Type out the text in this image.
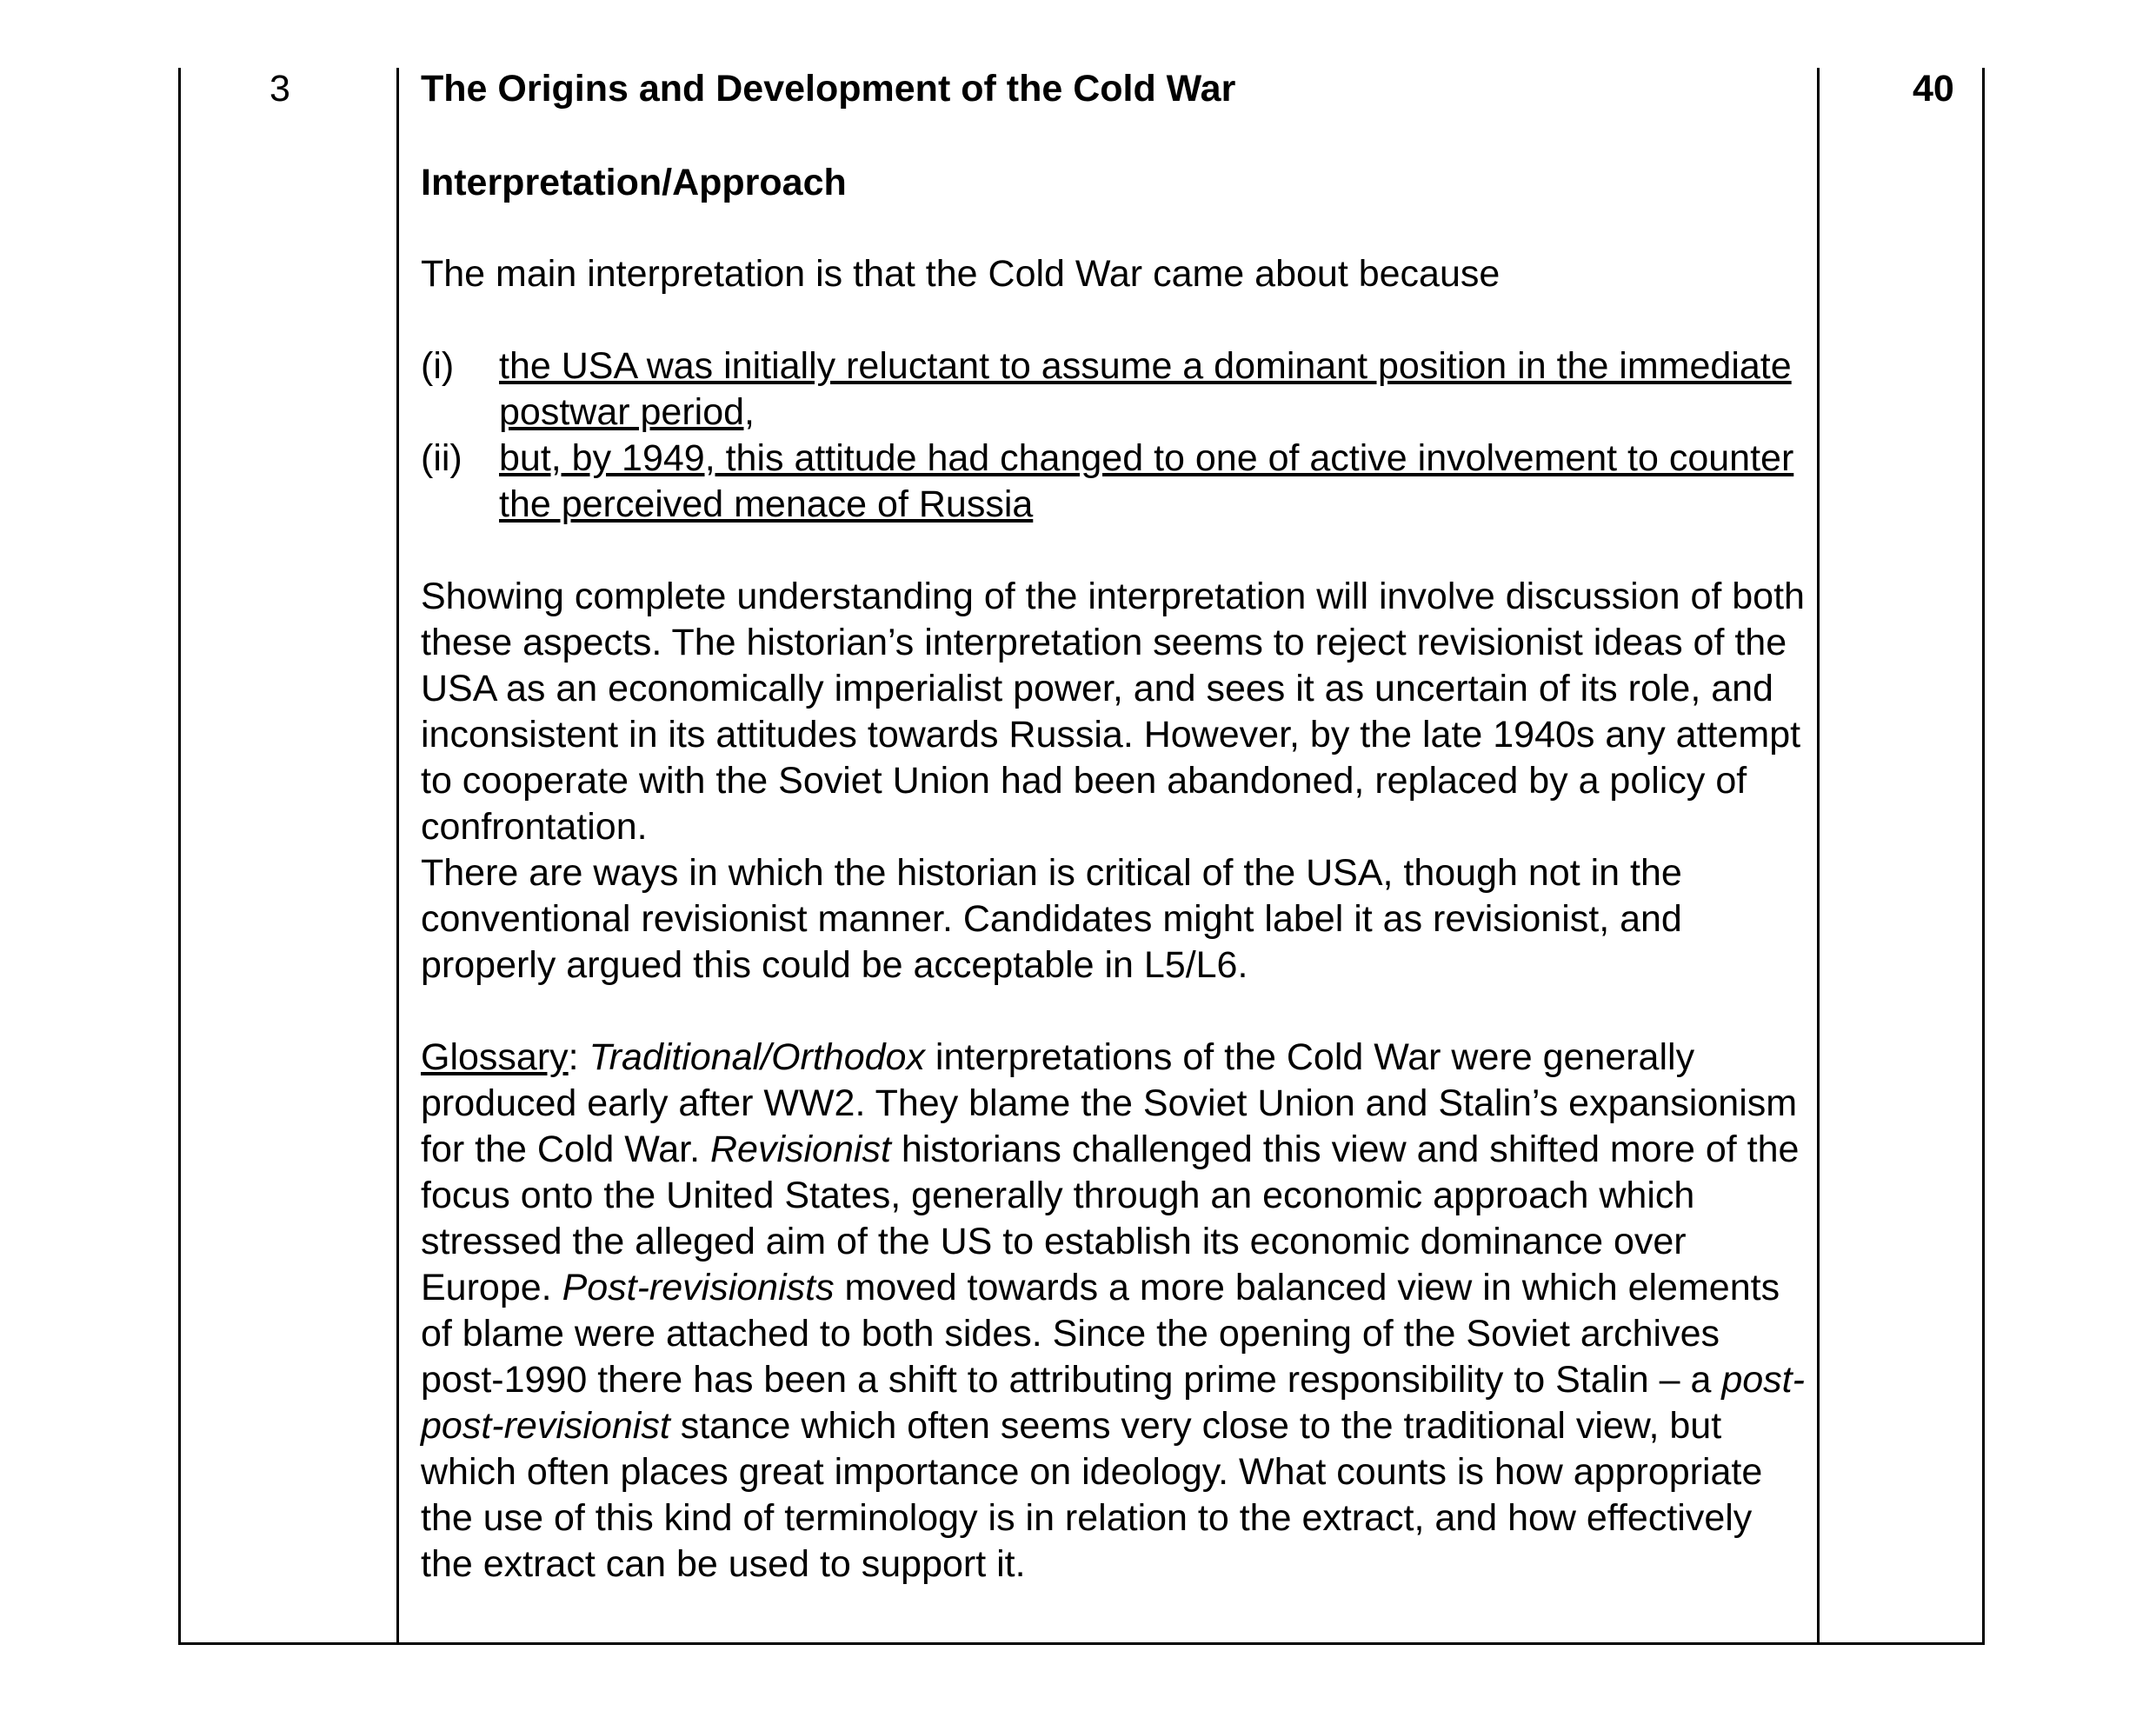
3	40

The Origins and Development of the Cold War

Interpretation/Approach

The main interpretation is that the Cold War came about because

(i)	the USA was initially reluctant to assume a dominant position in the immediate postwar period,
(ii) but, by 1949, this attitude had changed to one of active involvement to counter the perceived menace of Russia

Showing complete understanding of the interpretation will involve discussion of both these aspects. The historian’s interpretation seems to reject revisionist ideas of the USA as an economically imperialist power, and sees it as uncertain of its role, and inconsistent in its attitudes towards Russia. However, by the late 1940s any attempt to cooperate with the Soviet Union had been abandoned, replaced by a policy of confrontation.

There are ways in which the historian is critical of the USA, though not in the conventional revisionist manner. Candidates might label it as revisionist, and properly argued this could be acceptable in L5/L6.

Glossary: Traditional/Orthodox interpretations of the Cold War were generally produced early after WW2. They blame the Soviet Union and Stalin’s expansionism for the Cold War. Revisionist historians challenged this view and shifted more of the focus onto the United States, generally through an economic approach which stressed the alleged aim of the US to establish its economic dominance over Europe. Post-revisionists moved towards a more balanced view in which elements of blame were attached to both sides. Since the opening of the Soviet archives post-1990 there has been a shift to attributing prime responsibility to Stalin – a post-post-revisionist stance which often seems very close to the traditional view, but which often places great importance on ideology. What counts is how appropriate the use of this kind of terminology is in relation to the extract, and how effectively the extract can be used to support it.
